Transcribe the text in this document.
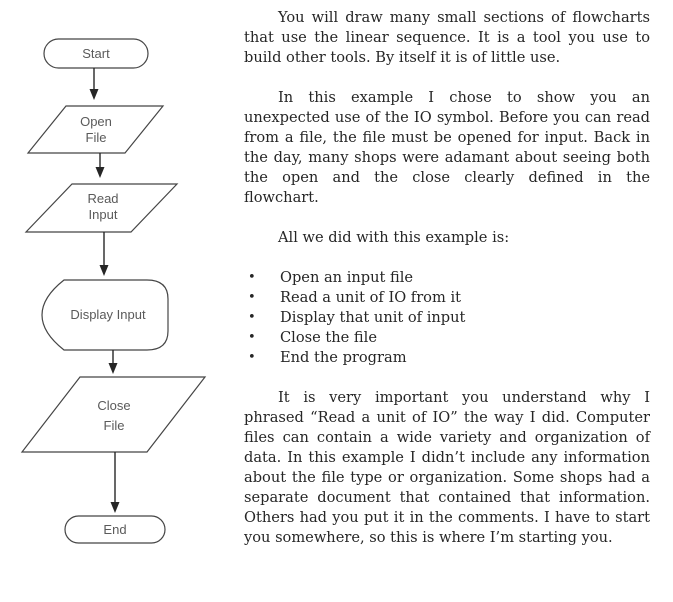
Start
Open
File
Read
Input
Display Input
Close
File
End

You will draw many small sections of flowcharts that use the linear sequence. It is a tool you use to build other tools. By itself it is of little use.

In this example I chose to show you an unexpected use of the IO symbol. Before you can read from a file, the file must be opened for input. Back in the day, many shops were adamant about seeing both the open and the close clearly defined in the flowchart.

All we did with this example is:

•	Open an input file
•	Read a unit of IO from it
•	Display that unit of input
•	Close the file
•	End the program

It is very important you understand why I phrased “Read a unit of IO” the way I did. Computer files can contain a wide variety and organization of data. In this example I didn’t include any information about the file type or organization. Some shops had a separate document that contained that information. Others had you put it in the comments. I have to start you somewhere, so this is where I’m starting you.
